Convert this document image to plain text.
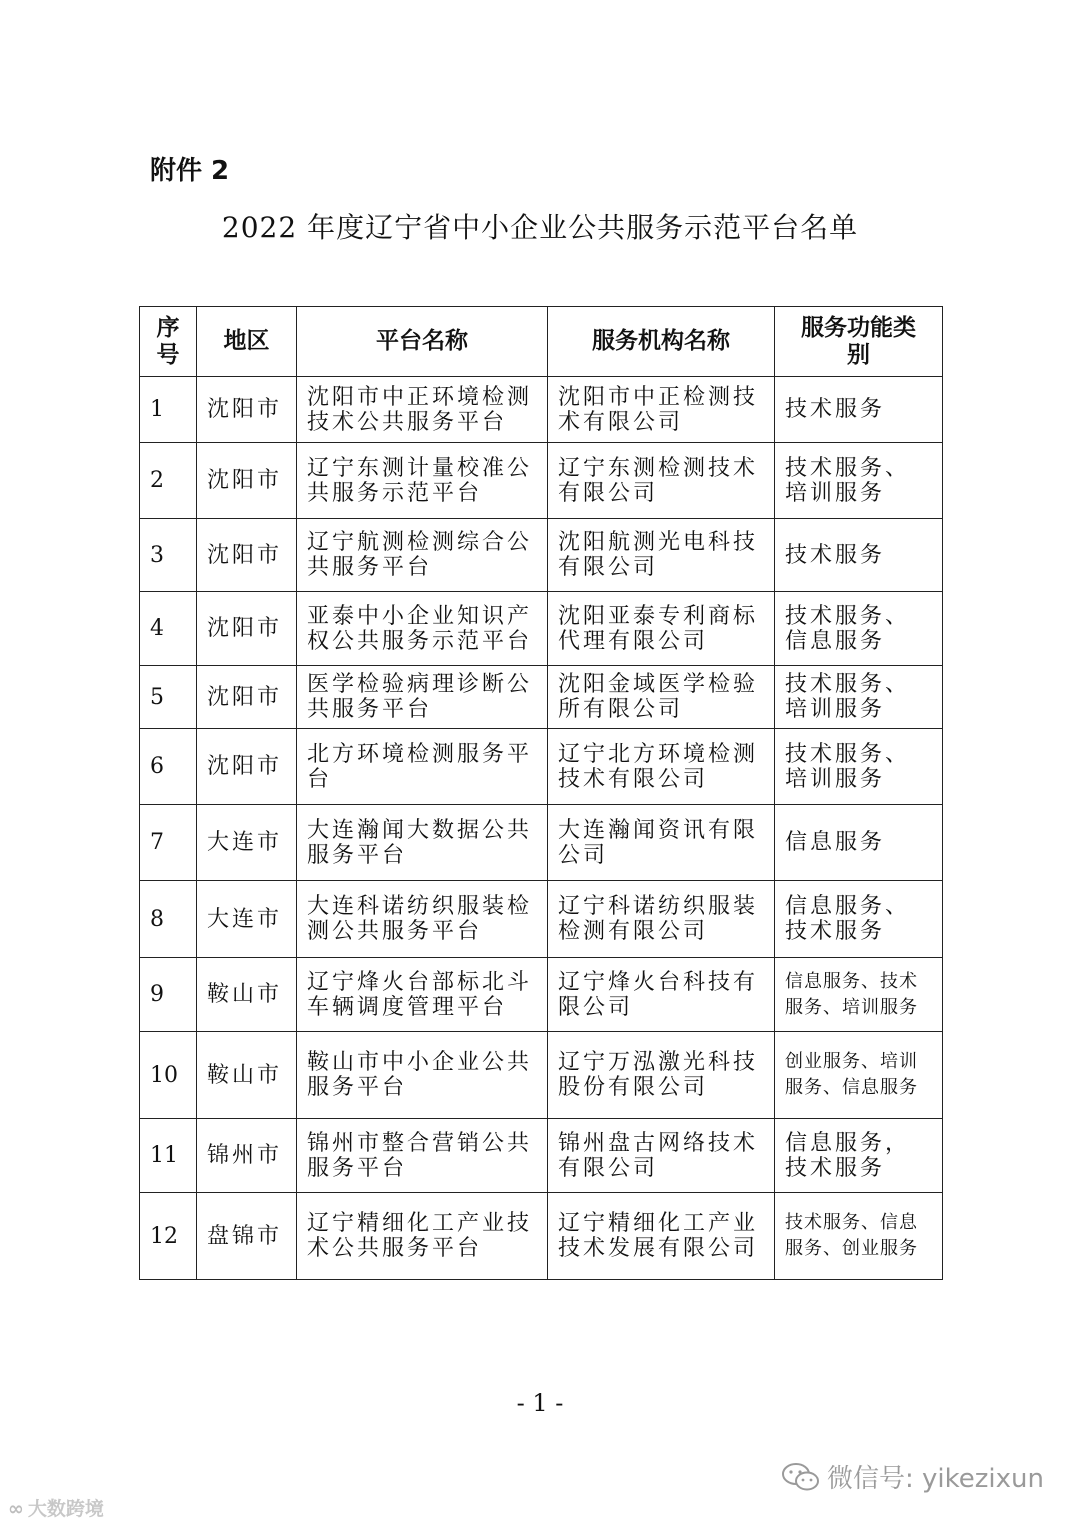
附件 2
2022 年度辽宁省中小企业公共服务示范平台名单
序号	地区	平台名称	服务机构名称	服务功能类别
1	沈阳市	沈阳市中正环境检测技术公共服务平台	沈阳市中正检测技术有限公司	技术服务
2	沈阳市	辽宁东测计量校准公共服务示范平台	辽宁东测检测技术有限公司	技术服务、培训服务
3	沈阳市	辽宁航测检测综合公共服务平台	沈阳航测光电科技有限公司	技术服务
4	沈阳市	亚泰中小企业知识产权公共服务示范平台	沈阳亚泰专利商标代理有限公司	技术服务、信息服务
5	沈阳市	医学检验病理诊断公共服务平台	沈阳金域医学检验所有限公司	技术服务、培训服务
6	沈阳市	北方环境检测服务平台	辽宁北方环境检测技术有限公司	技术服务、培训服务
7	大连市	大连瀚闻大数据公共服务平台	大连瀚闻资讯有限公司	信息服务
8	大连市	大连科诺纺织服装检测公共服务平台	辽宁科诺纺织服装检测有限公司	信息服务、技术服务
9	鞍山市	辽宁烽火台部标北斗车辆调度管理平台	辽宁烽火台科技有限公司	信息服务、技术服务、培训服务
10	鞍山市	鞍山市中小企业公共服务平台	辽宁万泓激光科技股份有限公司	创业服务、培训服务、信息服务
11	锦州市	锦州市整合营销公共服务平台	锦州盘古网络技术有限公司	信息服务，技术服务
12	盘锦市	辽宁精细化工产业技术公共服务平台	辽宁精细化工产业技术发展有限公司	技术服务、信息服务、创业服务
- 1 -
∞ 大数跨境
微信号: yikezixun
